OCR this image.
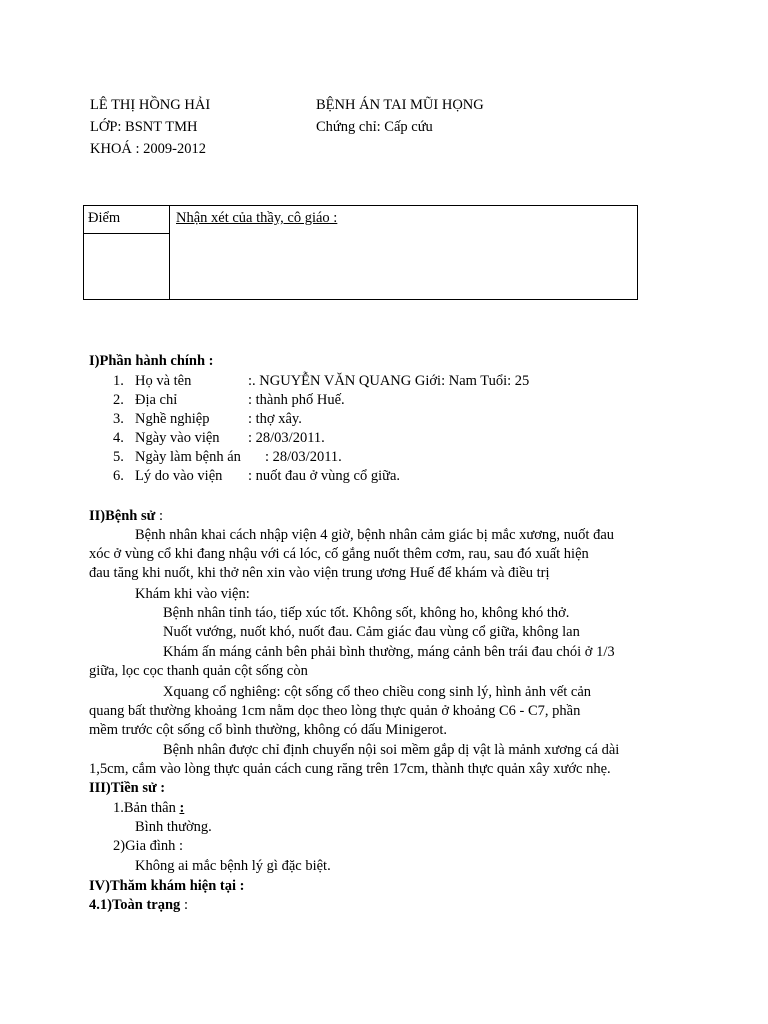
LÊ THỊ HỒNG HẢI
LỚP: BSNT TMH
KHOÁ : 2009-2012
BỆNH ÁN TAI MŨI HỌNG
Chứng chỉ: Cấp cứu
Điểm	Nhận xét của thầy, cô giáo :
I)Phần hành chính :
1. Họ và tên	:. NGUYỄN VĂN QUANG Giới: Nam Tuổi: 25
2. Địa chỉ	: thành phố Huế.
3. Nghề nghiệp	: thợ xây.
4. Ngày vào viện : 28/03/2011.
5. Ngày làm bệnh án : 28/03/2011.
6. Lý do vào viện : nuốt đau ở vùng cổ giữa.
II)Bệnh sử :
Bệnh nhân khai cách nhập viện 4 giờ, bệnh nhân cảm giác bị mắc xương, nuốt đau
xóc ở vùng cổ khi đang nhậu với cá lóc, cố gắng nuốt thêm cơm, rau, sau đó xuất hiện
đau tăng khi nuốt, khi thở nên xin vào viện trung ương Huế để khám và điều trị
Khám khi vào viện:
Bệnh nhân tỉnh táo, tiếp xúc tốt. Không sốt, không ho, không khó thở.
Nuốt vướng, nuốt khó, nuốt đau. Cảm giác đau vùng cổ giữa, không lan
Khám ấn máng cảnh bên phải bình thường, máng cảnh bên trái đau chói ở 1/3
giữa, lọc cọc thanh quản cột sống còn
Xquang cổ nghiêng: cột sống cổ theo chiều cong sinh lý, hình ảnh vết cản
quang bất thường khoảng 1cm nằm dọc theo lòng thực quản ở khoảng C6 - C7, phần
mềm trước cột sống cổ bình thường, không có dấu Minigerot.
Bệnh nhân được chỉ định chuyển nội soi mềm gắp dị vật là mảnh xương cá dài
1,5cm, cắm vào lòng thực quản cách cung răng trên 17cm, thành thực quản xây xước nhẹ.
III)Tiền sử :
1.Bản thân :
Bình thường.
2)Gia đình :
Không ai mắc bệnh lý gì đặc biệt.
IV)Thăm khám hiện tại :
4.1)Toàn trạng :
